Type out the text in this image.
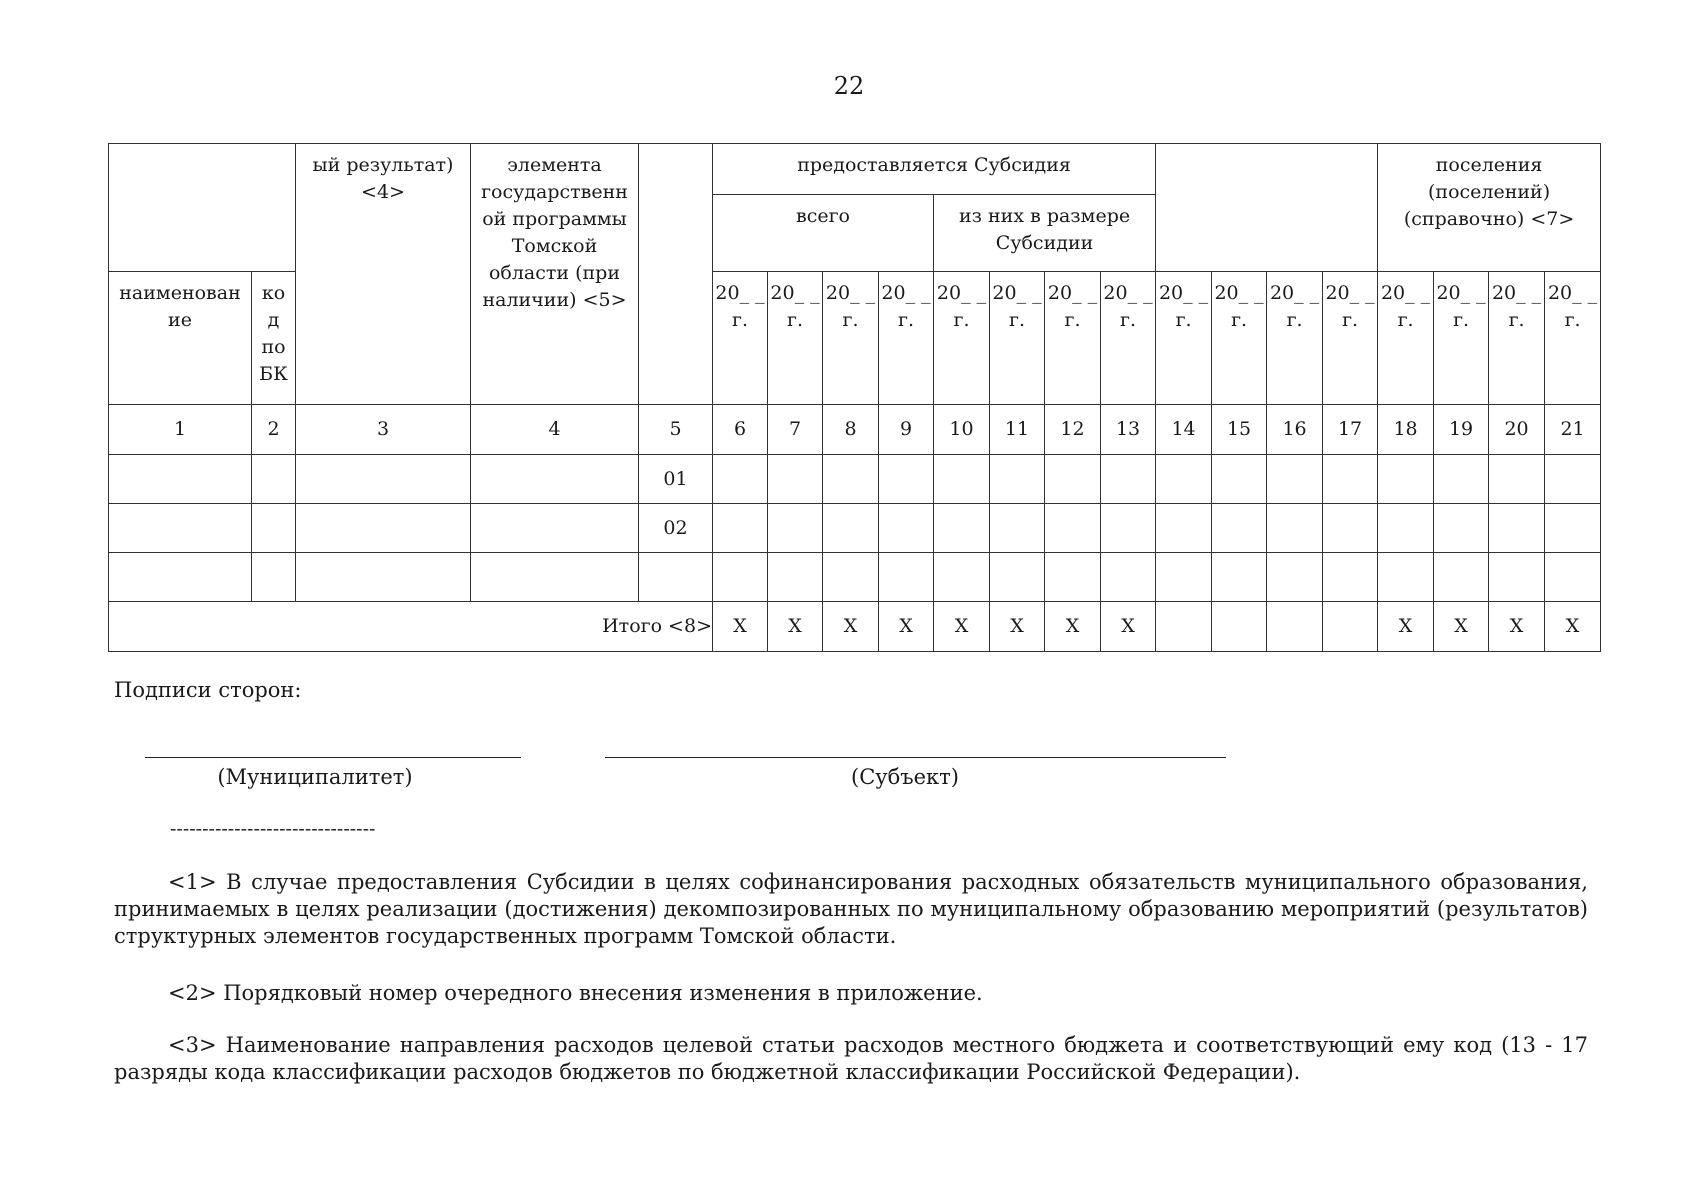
22
		ый результат) <4>	элемента государственн ой программы Томской области (при наличии) <5>		предоставляется Субсидия												поселения (поселений) (справочно) <7>			
					всего				из них в размере Субсидии											
наименован ие	ко д по БК				20_ _ г.	20_ _ г.	20_ _ г.	20_ _ г.	20_ _ г.	20_ _ г.	20_ _ г.	20_ _ г.	20_ _ г.	20_ _ г.	20_ _ г.	20_ _ г.	20_ _ г.	20_ _ г.	20_ _ г.	20_ _ г.
1	2	3	4	5	6	7	8	9	10	11	12	13	14	15	16	17	18	19	20	21
				01																
				02																

Итого <8>					X	X	X	X	X	X	X	X					X	X	X	X
Подписи сторон:
(Муниципалитет)	(Субъект)
--------------------------------

<1> В случае предоставления Субсидии в целях софинансирования расходных обязательств муниципального образования, принимаемых в целях реализации (достижения) декомпозированных по муниципальному образованию мероприятий (результатов) структурных элементов государственных программ Томской области.

<2> Порядковый номер очередного внесения изменения в приложение.

<3> Наименование направления расходов целевой статьи расходов местного бюджета и соответствующий ему код (13 - 17 разряды кода классификации расходов бюджетов по бюджетной классификации Российской Федерации).
